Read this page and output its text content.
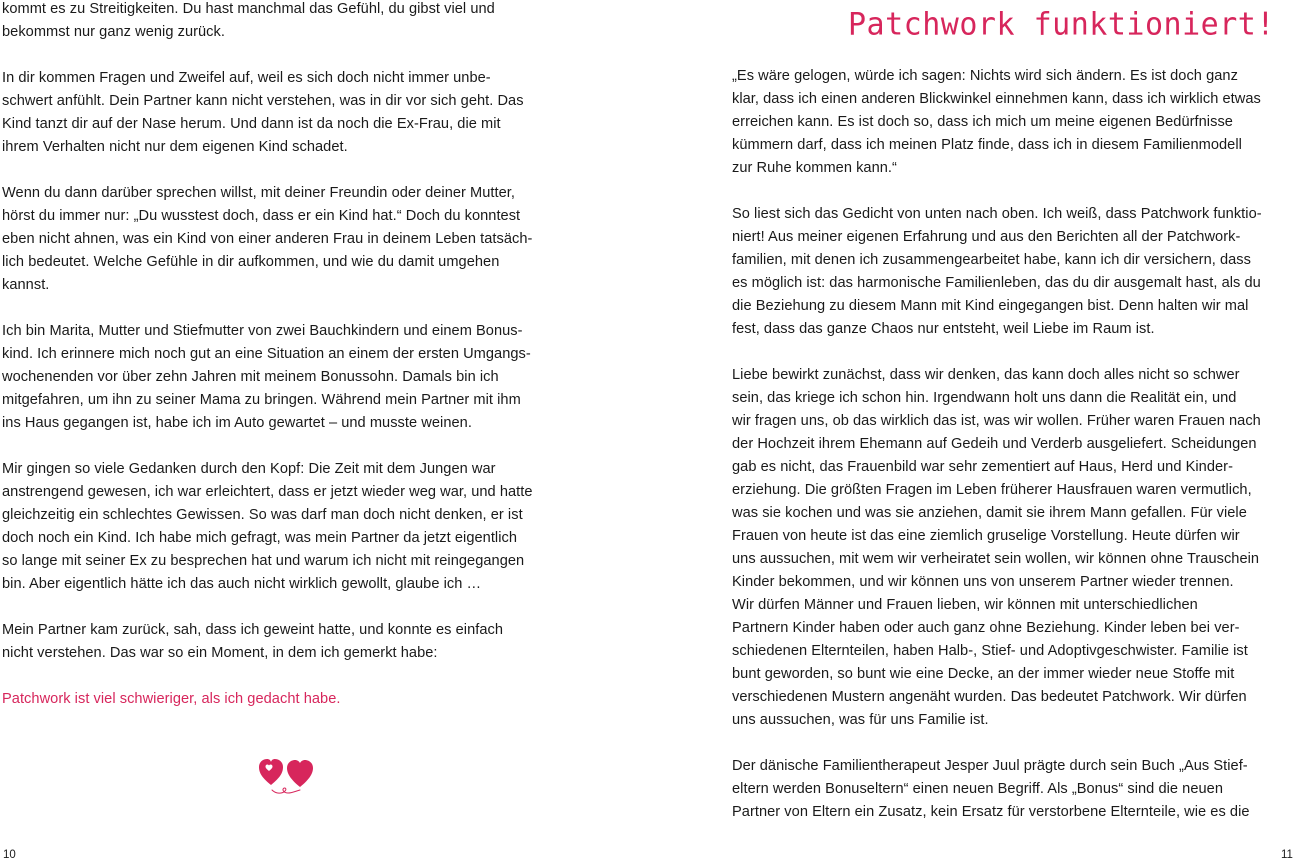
kommt es zu Streitigkeiten. Du hast manchmal das Gefühl, du gibst viel und
bekommst nur ganz wenig zurück.

In dir kommen Fragen und Zweifel auf, weil es sich doch nicht immer unbe-
schwert anfühlt. Dein Partner kann nicht verstehen, was in dir vor sich geht. Das
Kind tanzt dir auf der Nase herum. Und dann ist da noch die Ex-Frau, die mit
ihrem Verhalten nicht nur dem eigenen Kind schadet.

Wenn du dann darüber sprechen willst, mit deiner Freundin oder deiner Mutter,
hörst du immer nur: „Du wusstest doch, dass er ein Kind hat.“ Doch du konntest
eben nicht ahnen, was ein Kind von einer anderen Frau in deinem Leben tatsäch-
lich bedeutet. Welche Gefühle in dir aufkommen, und wie du damit umgehen
kannst.

Ich bin Marita, Mutter und Stiefmutter von zwei Bauchkindern und einem Bonus-
kind. Ich erinnere mich noch gut an eine Situation an einem der ersten Umgangs-
wochenenden vor über zehn Jahren mit meinem Bonussohn. Damals bin ich
mitgefahren, um ihn zu seiner Mama zu bringen. Während mein Partner mit ihm
ins Haus gegangen ist, habe ich im Auto gewartet – und musste weinen.

Mir gingen so viele Gedanken durch den Kopf: Die Zeit mit dem Jungen war
anstrengend gewesen, ich war erleichtert, dass er jetzt wieder weg war, und hatte
gleichzeitig ein schlechtes Gewissen. So was darf man doch nicht denken, er ist
doch noch ein Kind. Ich habe mich gefragt, was mein Partner da jetzt eigentlich
so lange mit seiner Ex zu besprechen hat und warum ich nicht mit reingegangen
bin. Aber eigentlich hätte ich das auch nicht wirklich gewollt, glaube ich …

Mein Partner kam zurück, sah, dass ich geweint hatte, und konnte es einfach
nicht verstehen. Das war so ein Moment, in dem ich gemerkt habe:

Patchwork ist viel schwieriger, als ich gedacht habe.

10
Patchwork funktioniert!

„Es wäre gelogen, würde ich sagen: Nichts wird sich ändern. Es ist doch ganz
klar, dass ich einen anderen Blickwinkel einnehmen kann, dass ich wirklich etwas
erreichen kann. Es ist doch so, dass ich mich um meine eigenen Bedürfnisse
kümmern darf, dass ich meinen Platz finde, dass ich in diesem Familienmodell
zur Ruhe kommen kann.“

So liest sich das Gedicht von unten nach oben. Ich weiß, dass Patchwork funktio-
niert! Aus meiner eigenen Erfahrung und aus den Berichten all der Patchwork-
familien, mit denen ich zusammengearbeitet habe, kann ich dir versichern, dass
es möglich ist: das harmonische Familienleben, das du dir ausgemalt hast, als du
die Beziehung zu diesem Mann mit Kind eingegangen bist. Denn halten wir mal
fest, dass das ganze Chaos nur entsteht, weil Liebe im Raum ist.

Liebe bewirkt zunächst, dass wir denken, das kann doch alles nicht so schwer
sein, das kriege ich schon hin. Irgendwann holt uns dann die Realität ein, und
wir fragen uns, ob das wirklich das ist, was wir wollen. Früher waren Frauen nach
der Hochzeit ihrem Ehemann auf Gedeih und Verderb ausgeliefert. Scheidungen
gab es nicht, das Frauenbild war sehr zementiert auf Haus, Herd und Kinder-
erziehung. Die größten Fragen im Leben früherer Hausfrauen waren vermutlich,
was sie kochen und was sie anziehen, damit sie ihrem Mann gefallen. Für viele
Frauen von heute ist das eine ziemlich gruselige Vorstellung. Heute dürfen wir
uns aussuchen, mit wem wir verheiratet sein wollen, wir können ohne Trauschein
Kinder bekommen, und wir können uns von unserem Partner wieder trennen.
Wir dürfen Männer und Frauen lieben, wir können mit unterschiedlichen
Partnern Kinder haben oder auch ganz ohne Beziehung. Kinder leben bei ver-
schiedenen Elternteilen, haben Halb-, Stief- und Adoptivgeschwister. Familie ist
bunt geworden, so bunt wie eine Decke, an der immer wieder neue Stoffe mit
verschiedenen Mustern angenäht wurden. Das bedeutet Patchwork. Wir dürfen
uns aussuchen, was für uns Familie ist.

Der dänische Familientherapeut Jesper Juul prägte durch sein Buch „Aus Stief-
eltern werden Bonuseltern“ einen neuen Begriff. Als „Bonus“ sind die neuen
Partner von Eltern ein Zusatz, kein Ersatz für verstorbene Elternteile, wie es die

11
